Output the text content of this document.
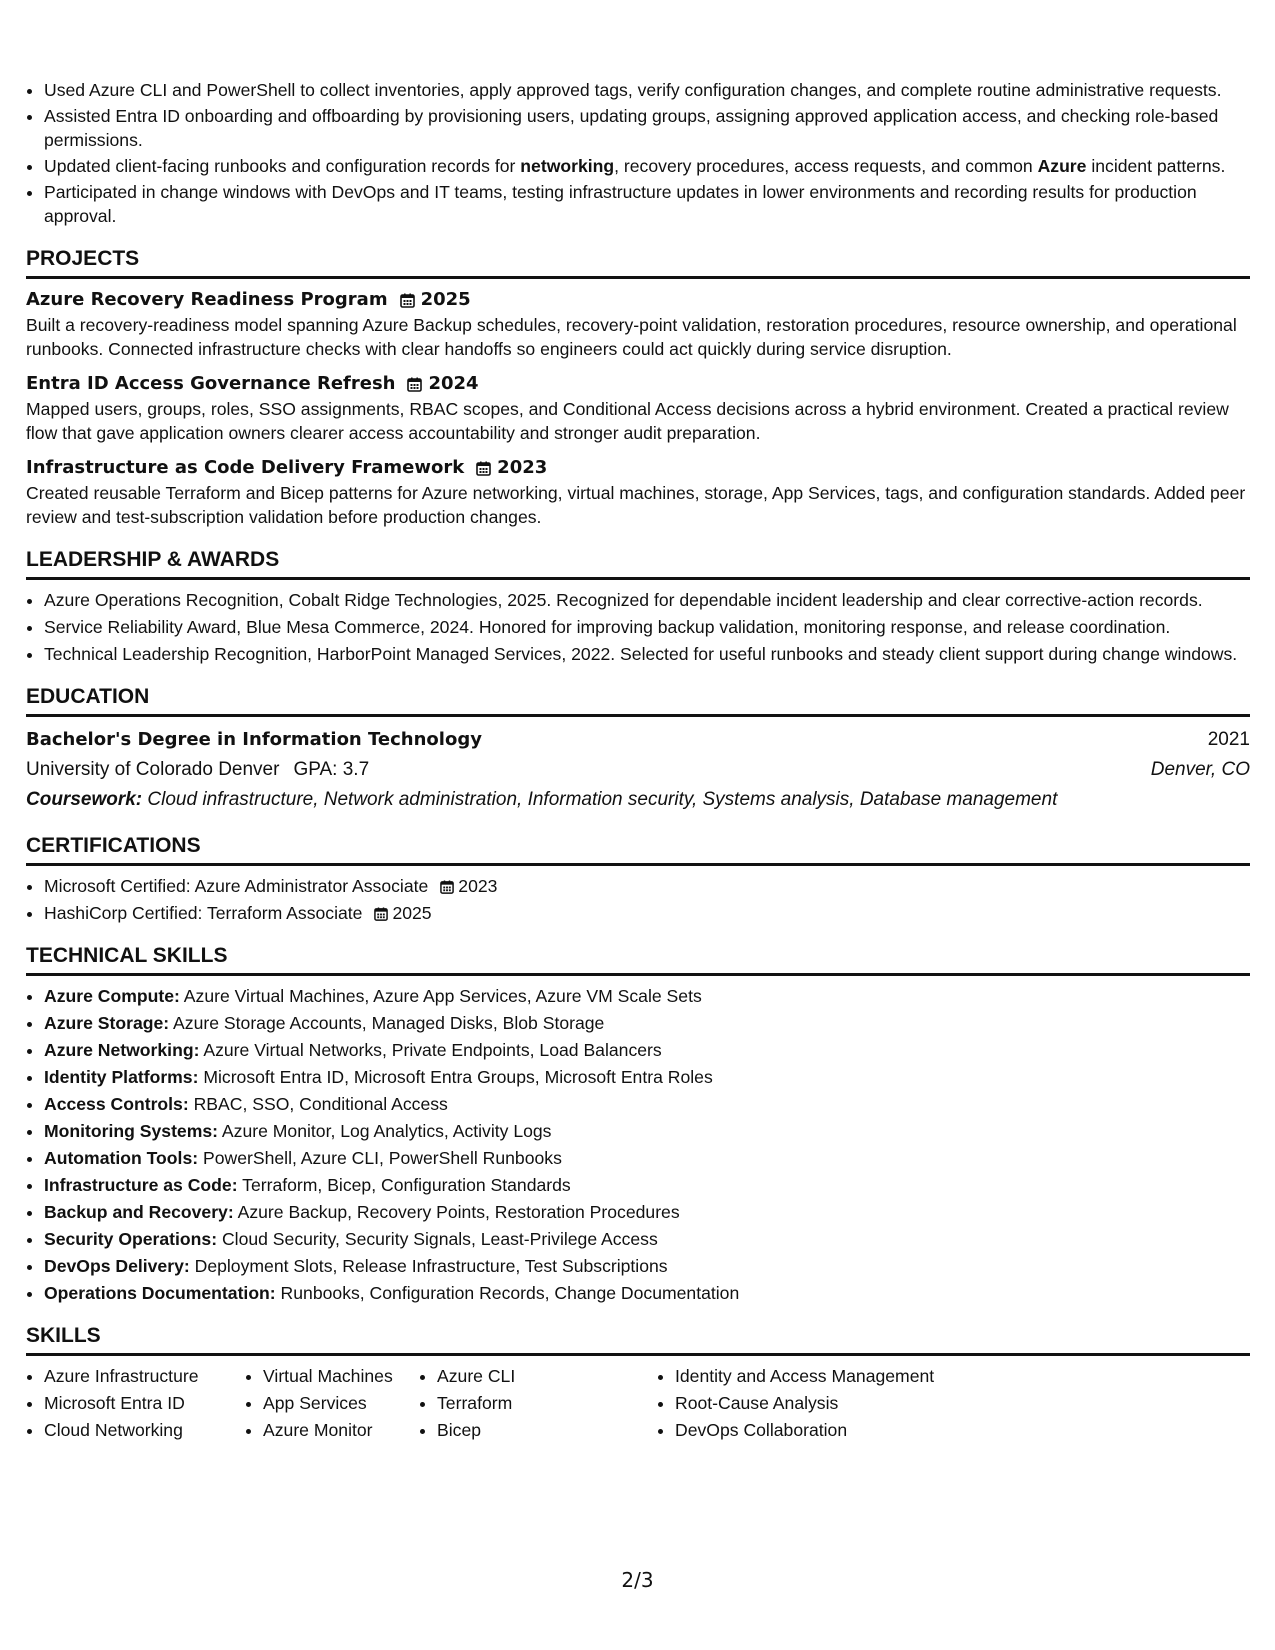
• Used Azure CLI and PowerShell to collect inventories, apply approved tags, verify configuration changes, and complete routine administrative requests.
• Assisted Entra ID onboarding and offboarding by provisioning users, updating groups, assigning approved application access, and checking role-based permissions.
• Updated client-facing runbooks and configuration records for networking, recovery procedures, access requests, and common Azure incident patterns.
• Participated in change windows with DevOps and IT teams, testing infrastructure updates in lower environments and recording results for production approval.
PROJECTS
Azure Recovery Readiness Program 2025
Built a recovery-readiness model spanning Azure Backup schedules, recovery-point validation, restoration procedures, resource ownership, and operational runbooks. Connected infrastructure checks with clear handoffs so engineers could act quickly during service disruption.
Entra ID Access Governance Refresh 2024
Mapped users, groups, roles, SSO assignments, RBAC scopes, and Conditional Access decisions across a hybrid environment. Created a practical review flow that gave application owners clearer access accountability and stronger audit preparation.
Infrastructure as Code Delivery Framework 2023
Created reusable Terraform and Bicep patterns for Azure networking, virtual machines, storage, App Services, tags, and configuration standards. Added peer review and test-subscription validation before production changes.
LEADERSHIP & AWARDS
• Azure Operations Recognition, Cobalt Ridge Technologies, 2025. Recognized for dependable incident leadership and clear corrective-action records.
• Service Reliability Award, Blue Mesa Commerce, 2024. Honored for improving backup validation, monitoring response, and release coordination.
• Technical Leadership Recognition, HarborPoint Managed Services, 2022. Selected for useful runbooks and steady client support during change windows.
EDUCATION
Bachelor's Degree in Information Technology	2021
University of Colorado Denver GPA: 3.7	Denver, CO
Coursework: Cloud infrastructure, Network administration, Information security, Systems analysis, Database management
CERTIFICATIONS
• Microsoft Certified: Azure Administrator Associate 2023
• HashiCorp Certified: Terraform Associate 2025
TECHNICAL SKILLS
• Azure Compute: Azure Virtual Machines, Azure App Services, Azure VM Scale Sets
• Azure Storage: Azure Storage Accounts, Managed Disks, Blob Storage
• Azure Networking: Azure Virtual Networks, Private Endpoints, Load Balancers
• Identity Platforms: Microsoft Entra ID, Microsoft Entra Groups, Microsoft Entra Roles
• Access Controls: RBAC, SSO, Conditional Access
• Monitoring Systems: Azure Monitor, Log Analytics, Activity Logs
• Automation Tools: PowerShell, Azure CLI, PowerShell Runbooks
• Infrastructure as Code: Terraform, Bicep, Configuration Standards
• Backup and Recovery: Azure Backup, Recovery Points, Restoration Procedures
• Security Operations: Cloud Security, Security Signals, Least-Privilege Access
• DevOps Delivery: Deployment Slots, Release Infrastructure, Test Subscriptions
• Operations Documentation: Runbooks, Configuration Records, Change Documentation
SKILLS
• Azure Infrastructure
• Microsoft Entra ID
• Cloud Networking
• Virtual Machines
• App Services
• Azure Monitor
• Azure CLI
• Terraform
• Bicep
• Identity and Access Management
• Root-Cause Analysis
• DevOps Collaboration
2/3
